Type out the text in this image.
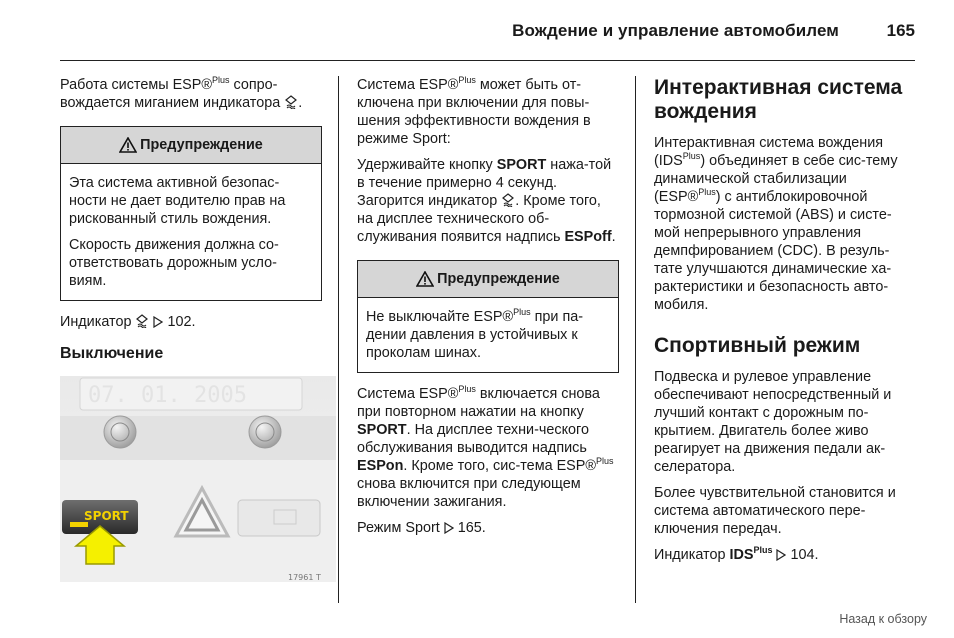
Вождение и управление автомобилем	165

Работа системы ESP®$^{Plus}$ сопро-вождается миганием индикатора .

Предупреждение

Эта система активной безопас-ности не дает водителю прав на рискованный стиль вождения.

Скорость движения должна со-ответствовать дорожным усло-виям.

Индикатор	102.

Выключение
07. 01. 2005
SPORT
17961 T

Система ESP®$^{Plus}$ может быть от-ключена при включении для повы-шения эффективности вождения в режиме Sport:

Удерживайте кнопку SPORT нажа-той в течение примерно 4 секунд. Загорится индикатор . Кроме того, на дисплее технического об-служивания появится надпись ESPoff.

Предупреждение

Не выключайте ESP®$^{Plus}$ при па-дении давления в устойчивых к проколам шинах.

Система ESP®$^{Plus}$ включается снова при повторном нажатии на кнопку SPORT. На дисплее техни-ческого обслуживания выводится надпись ESPon. Кроме того, сис-тема ESP®$^{Plus}$ снова включится при следующем включении зажигания.

Режим Sport 165.

Интерактивная система вождения

Интерактивная система вождения $(IDS^{Plus})$ объединяет в себе сис-тему динамической стабилизации (ESP®$^{Plus}$) с антиблокировочной тормозной системой (ABS) и систе-мой непрерывного управления демпфированием (CDC). В резуль-тате улучшаются динамические ха-рактеристики и безопасность авто-мобиля.

Спортивный режим

Подвеска и рулевое управление обеспечивают непосредственный и лучший контакт с дорожным по-крытием. Двигатель более живо реагирует на движения педали ак-селератора.

Более чувствительной становится и система автоматического пере-ключения передач.

Индикатор $IDS^{Plus}$ 104.

Назад к обзору
